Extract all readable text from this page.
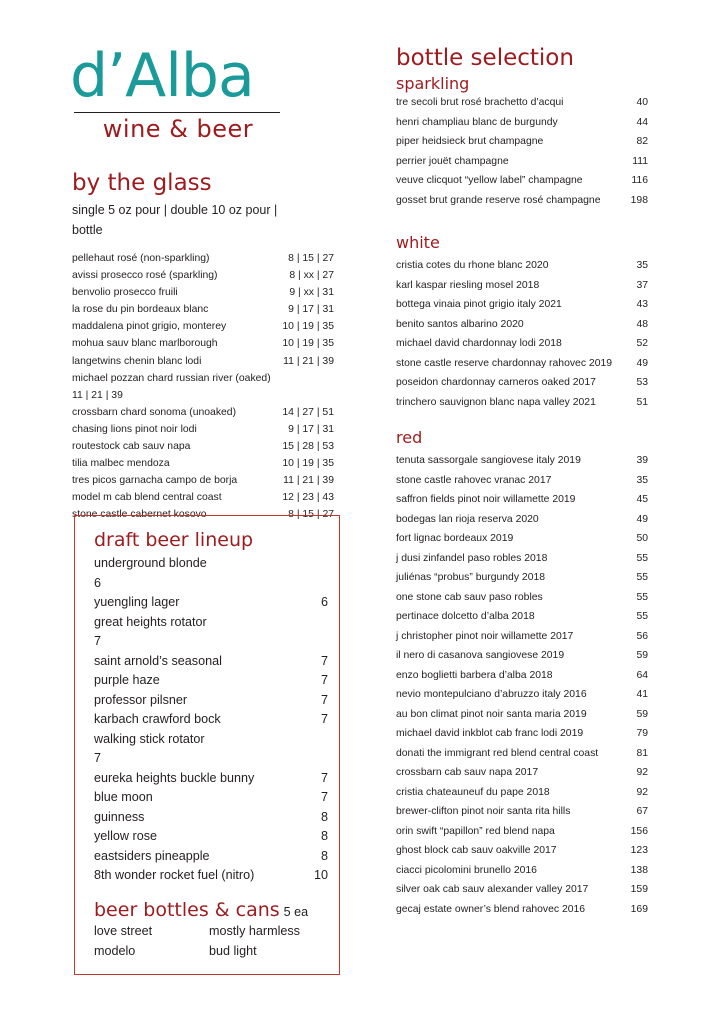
d’Alba
wine & beer
by the glass
single 5 oz pour | double 10 oz pour | bottle
pellehaut rosé (non-sparkling)	8 | 15 | 27
avissi prosecco rosé (sparkling)	8 | xx | 27
benvolio prosecco fruili	9 | xx | 31
la rose du pin bordeaux blanc	9 | 17 | 31
maddalena pinot grigio, monterey	10 | 19 | 35
mohua sauv blanc marlborough	10 | 19 | 35
langetwins chenin blanc lodi	11 | 21 | 39
michael pozzan chard russian river (oaked)
11 | 21 | 39
crossbarn chard sonoma (unoaked)	14 | 27 | 51
chasing lions pinot noir lodi	9 | 17 | 31
routestock cab sauv napa	15 | 28 | 53
tilia malbec mendoza	10 | 19 | 35
tres picos garnacha campo de borja	11 | 21 | 39
model m cab blend central coast	12 | 23 | 43
stone castle cabernet kosovo	8 | 15 | 27
draft beer lineup
underground blonde
6
yuengling lager	6
great heights rotator
7
saint arnold’s seasonal	7
purple haze	7
professor pilsner	7
karbach crawford bock	7
walking stick rotator
7
eureka heights buckle bunny	7
blue moon	7
guinness	8
yellow rose	8
eastsiders pineapple	8
8th wonder rocket fuel (nitro)	10
beer bottles & cans 5 ea
love street	mostly harmless
modelo	bud light
bottle selection
sparkling
tre secoli brut rosé brachetto d’acqui	40
henri champliau blanc de burgundy	44
piper heidsieck brut champagne	82
perrier jouët champagne	111
veuve clicquot “yellow label” champagne	116
gosset brut grande reserve rosé champagne	198
white
cristia cotes du rhone blanc 2020	35
karl kaspar riesling mosel 2018	37
bottega vinaia pinot grigio italy 2021	43
benito santos albarino 2020	48
michael david chardonnay lodi 2018	52
stone castle reserve chardonnay rahovec 2019 49
poseidon chardonnay carneros oaked 2017	53
trinchero sauvignon blanc napa valley 2021	51
red
tenuta sassorgale sangiovese italy 2019	39
stone castle rahovec vranac 2017	35
saffron fields pinot noir willamette 2019	45
bodegas lan rioja reserva 2020	49
fort lignac bordeaux 2019	50
j dusi zinfandel paso robles 2018	55
juliénas “probus” burgundy 2018	55
one stone cab sauv paso robles	55
pertinace dolcetto d’alba 2018	55
j christopher pinot noir willamette 2017	56
il nero di casanova sangiovese 2019	59
enzo boglietti barbera d’alba 2018	64
nevio montepulciano d’abruzzo italy 2016	41
au bon climat pinot noir santa maria 2019	59
michael david inkblot cab franc lodi 2019	79
donati the immigrant red blend central coast	81
crossbarn cab sauv napa 2017	92
cristia chateauneuf du pape 2018	92
brewer-clifton pinot noir santa rita hills	67
orin swift “papillon” red blend napa	156
ghost block cab sauv oakville 2017	123
ciacci picolomini brunello 2016	138
silver oak cab sauv alexander valley 2017	159
gecaj estate owner’s blend rahovec 2016	169
